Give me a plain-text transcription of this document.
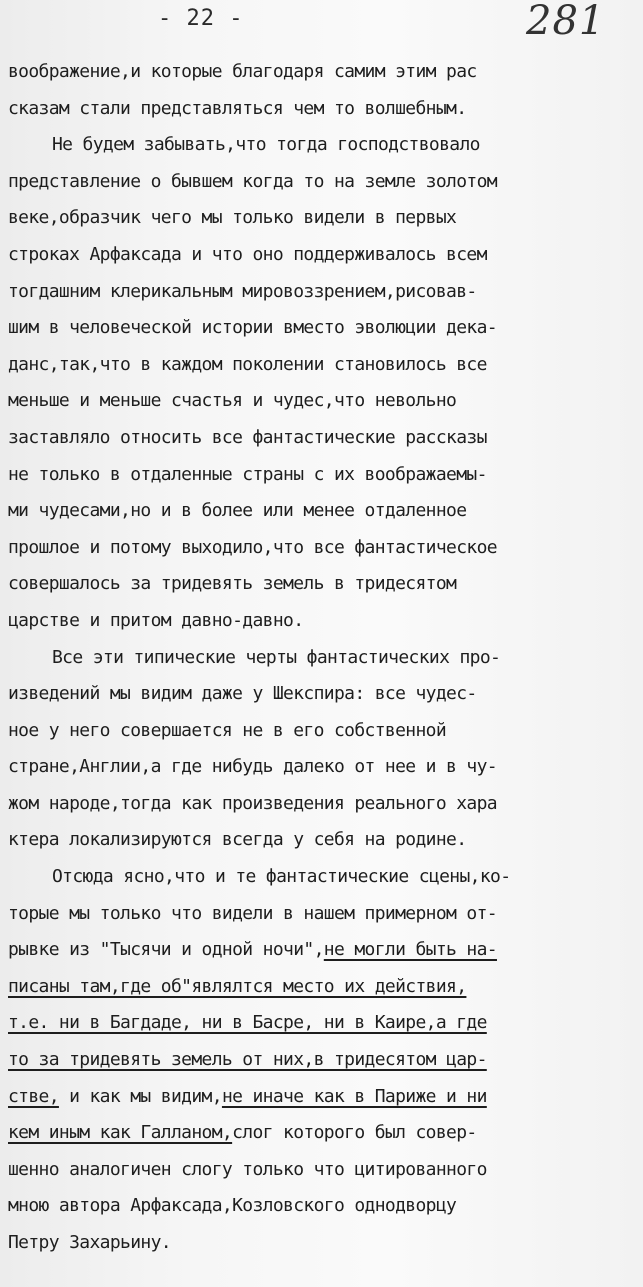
- 22 -	281
воображение,и которые благодаря самим этим рас
сказам стали представляться чем то волшебным.
Не будем забывать,что тогда господствовало
представление о бывшем когда то на земле золотом
веке,образчик чего мы только видели в первых
строках Арфаксада и что оно поддерживалось всем
тогдашним клерикальным мировоззрением,рисовав-
шим в человеческой истории вместо эволюции дека-
данс,так,что в каждом поколении становилось все
меньше и меньше счастья и чудес,что невольно
заставляло относить все фантастические рассказы
не только в отдаленные страны с их воображаемы-
ми чудесами,но и в более или менее отдаленное
прошлое и потому выходило,что все фантастическое
совершалось за тридевять земель в тридесятом
царстве и притом давно-давно.
Все эти типические черты фантастических про-
изведений мы видим даже у Шекспира: все чудес-
ное у него совершается не в его собственной
стране,Англии,а где нибудь далеко от нее и в чу-
жом народе,тогда как произведения реального хара
ктера локализируются всегда у себя на родине.
Отсюда ясно,что и те фантастические сцены,ко-
торые мы только что видели в нашем примерном от-
рывке из "Тысячи и одной ночи",не могли быть на-
писаны там,где об"являлтся место их действия,
т.е. ни в Багдаде, ни в Басре, ни в Каире,а где
то за тридевять земель от них,в тридесятом цар-
стве, и как мы видим,не иначе как в Париже и ни
кем иным как Галланом,слог которого был совер-
шенно аналогичен слогу только что цитированного
мною автора Арфаксада,Козловского однодворцу
Петру Захарьину.
